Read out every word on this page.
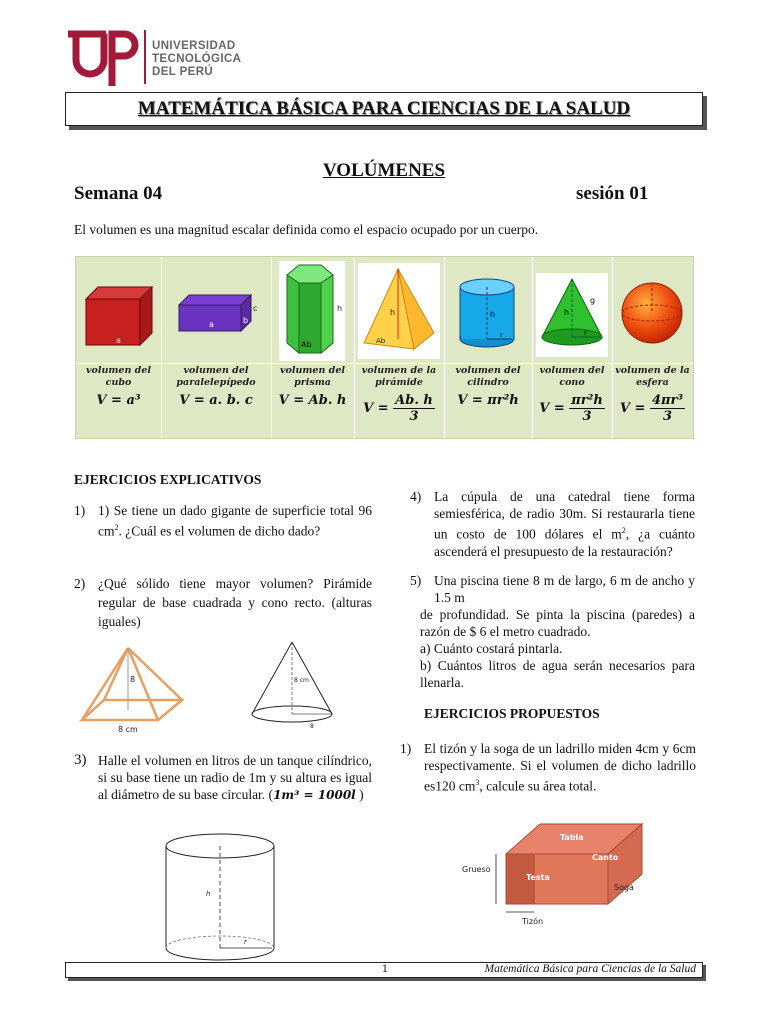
UNIVERSIDAD
TECNOLÓGICA
DEL PERÚ
MATEMÁTICA BÁSICA PARA CIENCIAS DE LA SALUD
VOLÚMENES
Semana 04	sesión 01
El volumen es una magnitud escalar definida como el espacio ocupado por un cuerpo.
a
volumen del cubo
V = a³
a	b
c
volumen del paralelepípedo
V = a. b. c
h
Ab
volumen del prisma
V = Ab. h
h
Ab
volumen de la pirámide
$V = \frac{Ab. h}{3}$
h
r
volumen del cilindro
V = πr²h
h
g
r
volumen del cono
$V = \frac{\text{πr²h}}{3}$
volumen de la esfera
$V = \frac{\text{4πr³}}{3}$
EJERCICIOS EXPLICATIVOS
1) 1) Se tiene un dado gigante de superficie total 96 $cm^2$. ¿Cuál es el volumen de dicho dado?
2) ¿Qué sólido tiene mayor volumen? Pirámide regular de base cuadrada y cono recto. (alturas iguales)
8
8 cm
8 cm
8
3) Halle el volumen en litros de un tanque cilíndrico, si su base tiene un radio de 1m y su altura es igual al diámetro de su base circular. (1m³ = 1000l )
h
r
4) La cúpula de una catedral tiene forma semiesférica, de radio 30m. Si restaurarla tiene un costo de 100 dólares el $m^2$, ¿a cuánto ascenderá el presupuesto de la restauración?
5) Una piscina tiene 8 m de largo, 6 m de ancho y 1.5 m
de profundidad. Se pinta la piscina (paredes) a razón de $ 6 el metro cuadrado.
a) Cuánto costará pintarla.
b) Cuántos litros de agua serán necesarios para llenarla.
EJERCICIOS PROPUESTOS
1) El tizón y la soga de un ladrillo miden 4cm y 6cm respectivamente. Si el volumen de dicho ladrillo es120 $cm^3$, calcule su área total.
Tabla
Canto
Testa
Grueso
Soga
Tizón
1	Matemática Básica para Ciencias de la Salud
